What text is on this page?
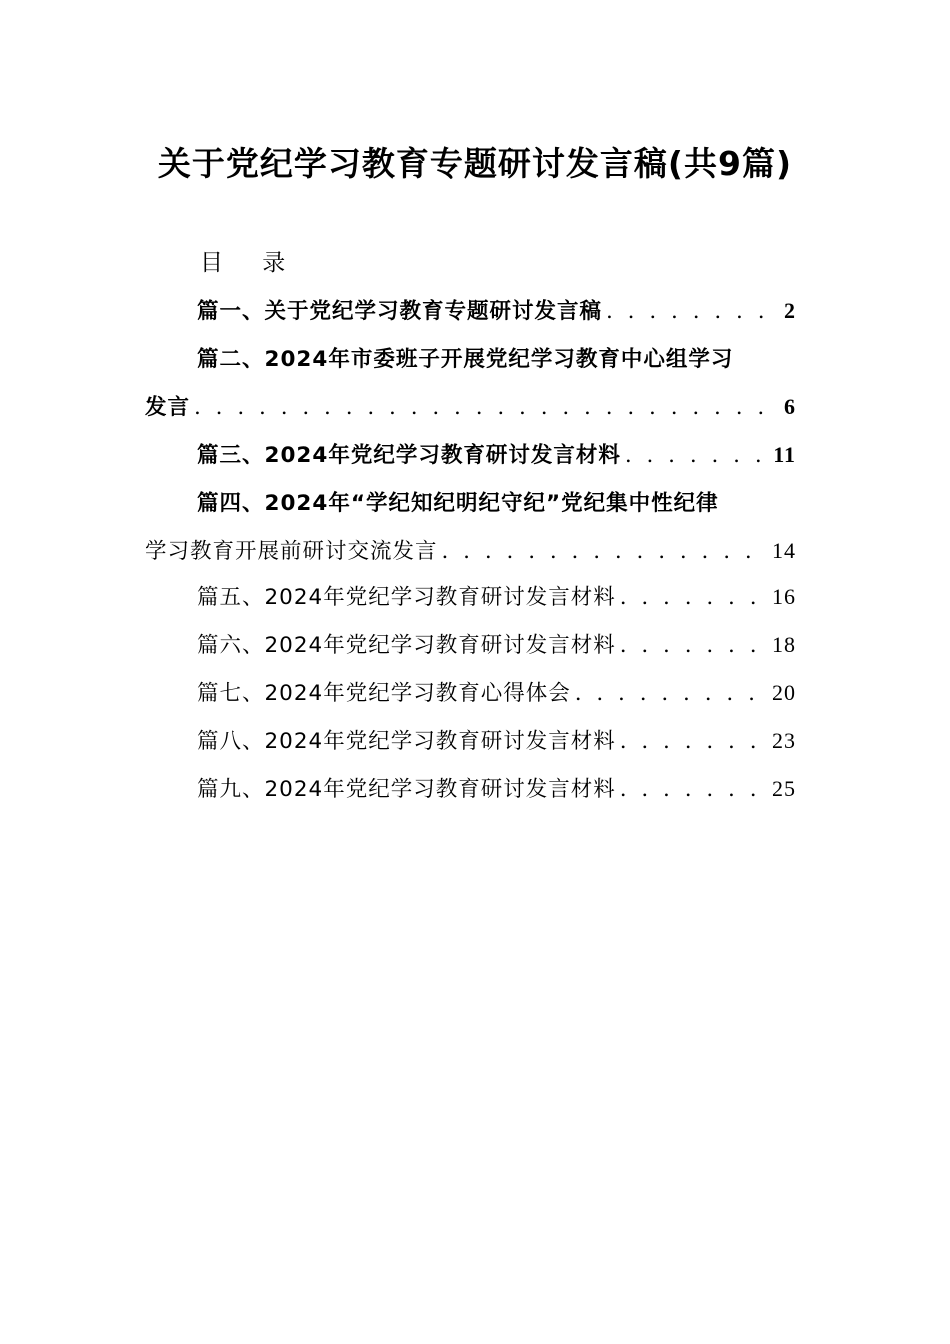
关于党纪学习教育专题研讨发言稿(共9篇)
目 录
篇一、关于党纪学习教育专题研讨发言稿 . . .	2
篇二、2024年市委班子开展党纪学习教育中心组学习
发言 . . .	6
篇三、2024年党纪学习教育研讨发言材料 . . .	11
篇四、2024年“学纪知纪明纪守纪”党纪集中性纪律
学习教育开展前研讨交流发言 . . .	14
篇五、2024年党纪学习教育研讨发言材料 . . .	16
篇六、2024年党纪学习教育研讨发言材料 . . .	18
篇七、2024年党纪学习教育心得体会 . . .	20
篇八、2024年党纪学习教育研讨发言材料 . . .	23
篇九、2024年党纪学习教育研讨发言材料 . . .	25
